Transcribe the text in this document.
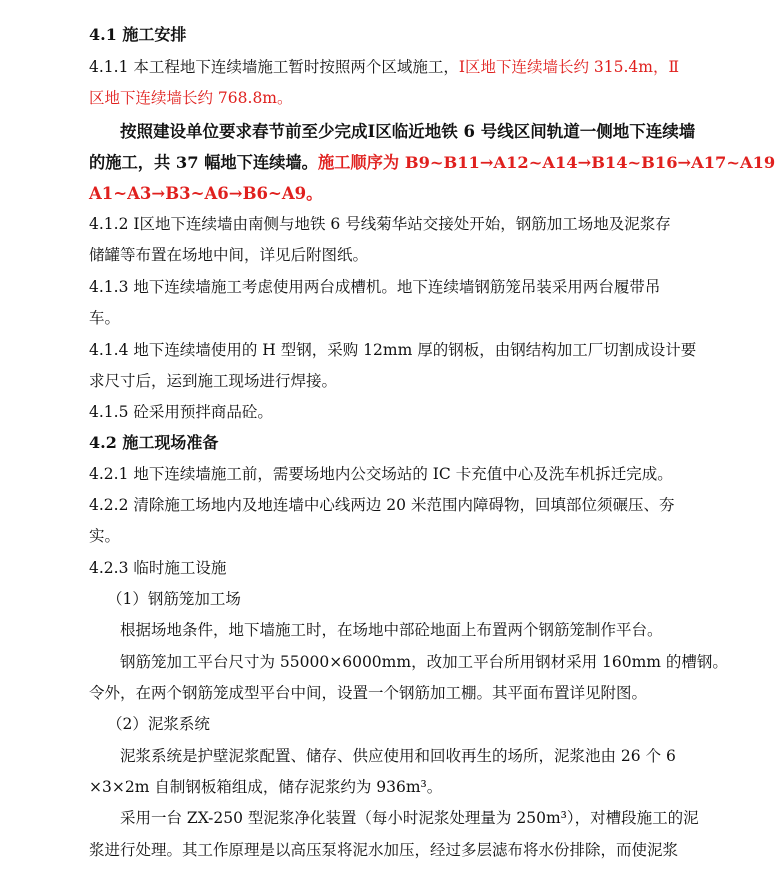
4.1 施工安排
4.1.1 本工程地下连续墙施工暂时按照两个区域施工，Ⅰ区地下连续墙长约 315.4m，Ⅱ
区地下连续墙长约 768.8m。
按照建设单位要求春节前至少完成Ⅰ区临近地铁 6 号线区间轨道一侧地下连续墙
的施工，共 37 幅地下连续墙。施工顺序为 B9~B11→A12~A14→B14~B16→A17~A19
A1~A3→B3~A6→B6~A9。
4.1.2 Ⅰ区地下连续墙由南侧与地铁 6 号线菊华站交接处开始，钢筋加工场地及泥浆存
储罐等布置在场地中间，详见后附图纸。
4.1.3 地下连续墙施工考虑使用两台成槽机。地下连续墙钢筋笼吊装采用两台履带吊
车。
4.1.4 地下连续墙使用的 H 型钢，采购 12mm 厚的钢板，由钢结构加工厂切割成设计要
求尺寸后，运到施工现场进行焊接。
4.1.5 砼采用预拌商品砼。
4.2 施工现场准备
4.2.1 地下连续墙施工前，需要场地内公交场站的 IC 卡充值中心及洗车机拆迁完成。
4.2.2 清除施工场地内及地连墙中心线两边 20 米范围内障碍物，回填部位须碾压、夯
实。
4.2.3 临时施工设施
（1）钢筋笼加工场
根据场地条件，地下墙施工时，在场地中部砼地面上布置两个钢筋笼制作平台。
钢筋笼加工平台尺寸为 55000×6000mm，改加工平台所用钢材采用 160mm 的槽钢。
令外，在两个钢筋笼成型平台中间，设置一个钢筋加工棚。其平面布置详见附图。
（2）泥浆系统
泥浆系统是护壁泥浆配置、储存、供应使用和回收再生的场所，泥浆池由 26 个 6
×3×2m 自制钢板箱组成，储存泥浆约为 936m³。
采用一台 ZX-250 型泥浆净化装置（每小时泥浆处理量为 250m³），对槽段施工的泥
浆进行处理。其工作原理是以高压泵将泥水加压，经过多层滤布将水份排除，而使泥浆
